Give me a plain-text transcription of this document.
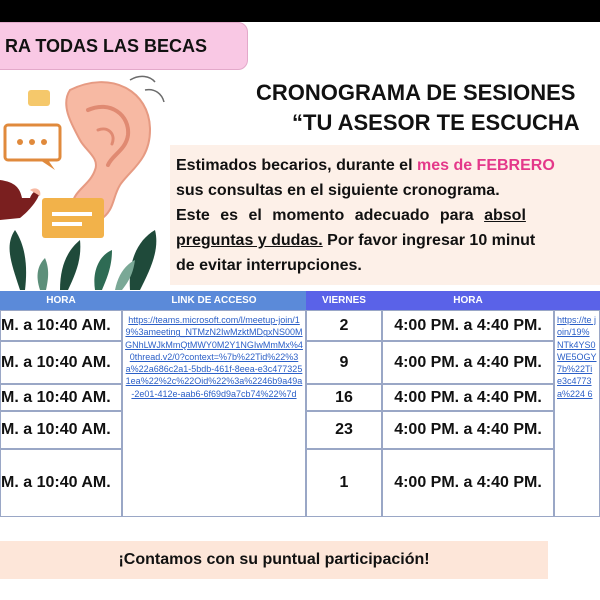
RA TODAS LAS BECAS
CRONOGRAMA DE SESIONES
“TU ASESOR TE ESCUCHA

Estimados becarios, durante el mes de FEBRERO

sus consultas en el siguiente cronograma.

Este es el momento adecuado para absol

preguntas y dudas. Por favor ingresar 10 minut

de evitar interrupciones.

HORA
M. a 10:40 AM.
M. a 10:40 AM.
M. a 10:40 AM.
M. a 10:40 AM.
M. a 10:40 AM.
LINK DE ACCESO
https://teams.microsoft.com/l/meetup-join/19%3ameeting_NTMzN2IwMzktMDgxNS00MGNhLWJkMmQtMWY0M2Y1NGIwMmMx%40thread.v2/0?context=%7b%22Tid%22%3a%22a686c2a1-5bdb-461f-8eea-e3c4773251ea%22%2c%22Oid%22%3a%2246b9a49a-2e01-412e-aab6-6f69d9a7cb74%22%7d
VIERNES
2
9
16
23
1
HORA
4:00 PM. a 4:40 PM.
4:00 PM. a 4:40 PM.
4:00 PM. a 4:40 PM.
4:00 PM. a 4:40 PM.
4:00 PM. a 4:40 PM.
https://te join/19% NTk4YS0 WE5OGY 7b%22Ti e3c4773 a%224 6
¡Contamos con su puntual participación!
